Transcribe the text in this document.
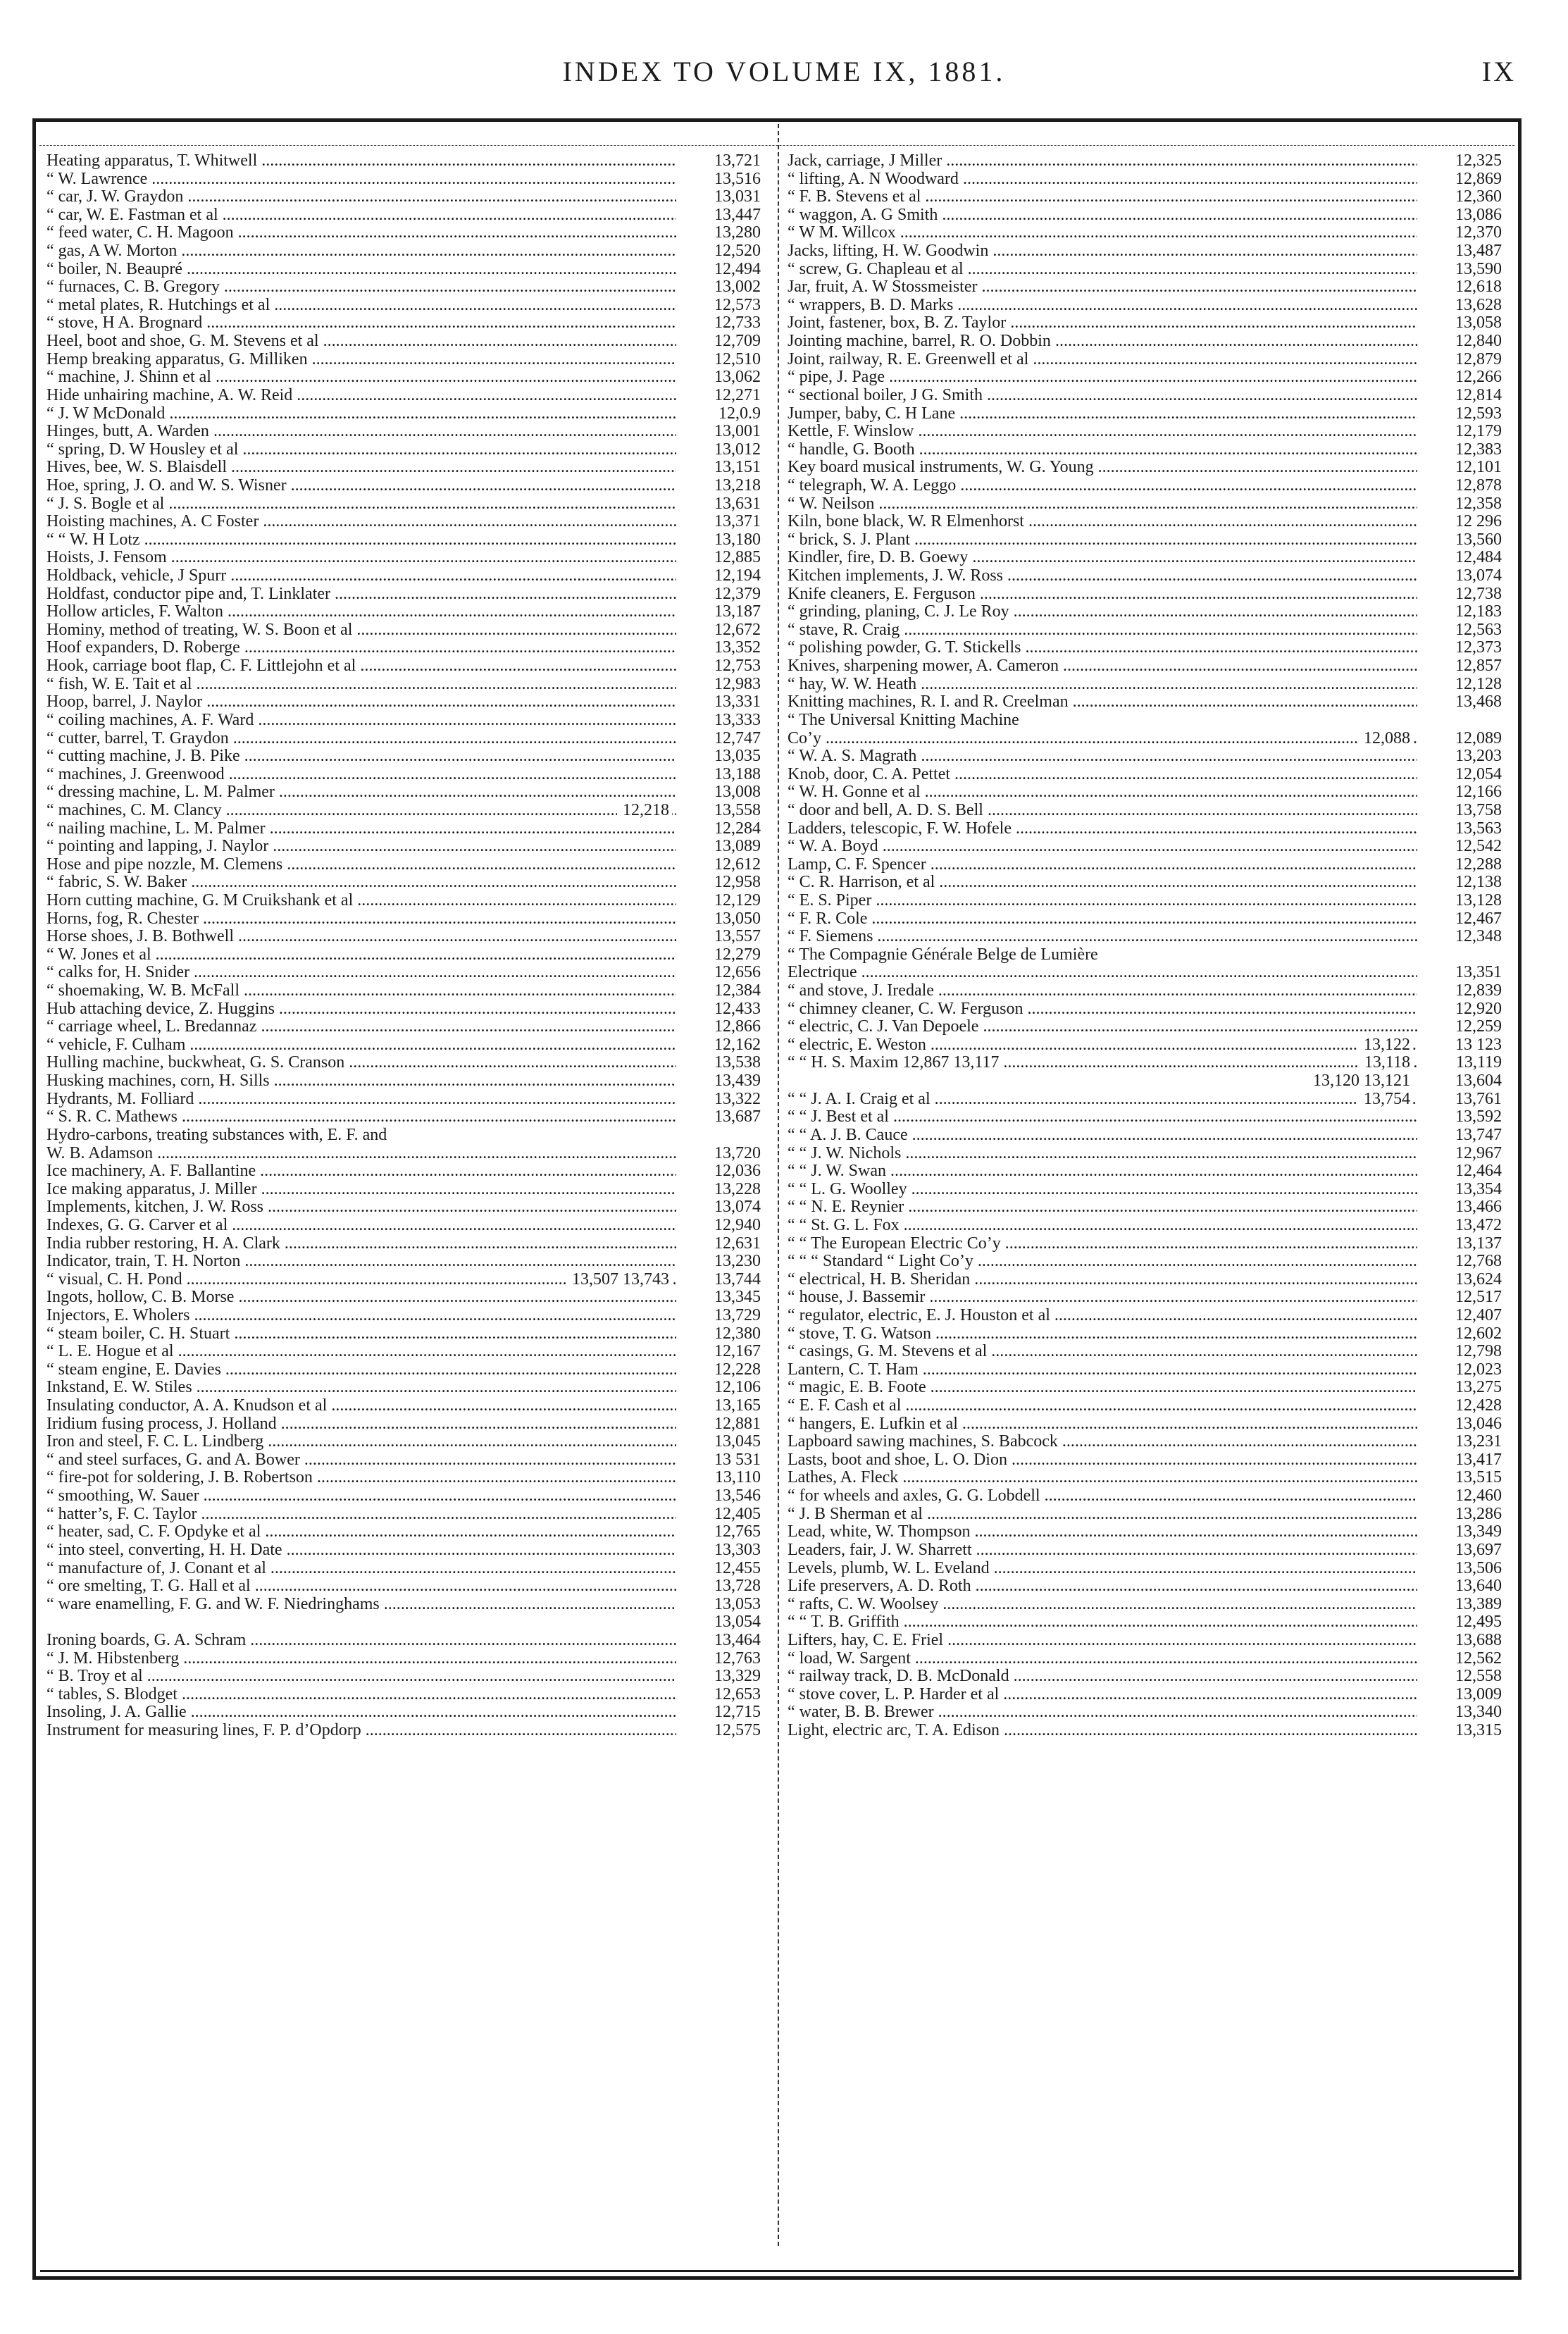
INDEX TO VOLUME IX, 1881.	IX
Heating apparatus, T. Whitwell .....	13,721
“ W. Lawrence .....	13,516
“ car, J. W. Graydon .....	13,031
“ car, W. E. Fastman et al .....	13,447
“ feed water, C. H. Magoon .....	13,280
“ gas, A W. Morton .....	12,520
“ boiler, N. Beaupré .....	12,494
“ furnaces, C. B. Gregory .....	13,002
“ metal plates, R. Hutchings et al .....	12,573
“ stove, H A. Brognard .....	12,733
Heel, boot and shoe, G. M. Stevens et al .....	12,709
Hemp breaking apparatus, G. Milliken .....	12,510
“ machine, J. Shinn et al .....	13,062
Hide unhairing machine, A. W. Reid .....	12,271
“ J. W McDonald .....	12,0.9
Hinges, butt, A. Warden .....	13,001
“ spring, D. W Housley et al .....	13,012
Hives, bee, W. S. Blaisdell .....	13,151
Hoe, spring, J. O. and W. S. Wisner .....	13,218
“ J. S. Bogle et al .....	13,631
Hoisting machines, A. C Foster .....	13,371
“ “ W. H Lotz .....	13,180
Hoists, J. Fensom .....	12,885
Holdback, vehicle, J Spurr .....	12,194
Holdfast, conductor pipe and, T. Linklater .....	12,379
Hollow articles, F. Walton .....	13,187
Hominy, method of treating, W. S. Boon et al .....	12,672
Hoof expanders, D. Roberge .....	13,352
Hook, carriage boot flap, C. F. Littlejohn et al .....	12,753
“ fish, W. E. Tait et al .....	12,983
Hoop, barrel, J. Naylor .....	13,331
“ coiling machines, A. F. Ward .....	13,333
“ cutter, barrel, T. Graydon .....	12,747
“ cutting machine, J. B. Pike .....	13,035
“ machines, J. Greenwood .....	13,188
“ dressing machine, L. M. Palmer .....	13,008
“ machines, C. M. Clancy .....	12,218	13,558
“ nailing machine, L. M. Palmer .....	12,284
“ pointing and lapping, J. Naylor .....	13,089
Hose and pipe nozzle, M. Clemens .....	12,612
“ fabric, S. W. Baker .....	12,958
Horn cutting machine, G. M Cruikshank et al .....	12,129
Horns, fog, R. Chester .....	13,050
Horse shoes, J. B. Bothwell .....	13,557
“ W. Jones et al .....	12,279
“ calks for, H. Snider .....	12,656
“ shoemaking, W. B. McFall .....	12,384
Hub attaching device, Z. Huggins .....	12,433
“ carriage wheel, L. Bredannaz .....	12,866
“ vehicle, F. Culham .....	12,162
Hulling machine, buckwheat, G. S. Cranson .....	13,538
Husking machines, corn, H. Sills .....	13,439
Hydrants, M. Folliard .....	13,322
“ S. R. C. Mathews .....	13,687
Hydro-carbons, treating substances with, E. F. and
W. B. Adamson .....	13,720
Ice machinery, A. F. Ballantine .....	12,036
Ice making apparatus, J. Miller .....	13,228
Implements, kitchen, J. W. Ross .....	13,074
Indexes, G. G. Carver et al .....	12,940
India rubber restoring, H. A. Clark .....	12,631
Indicator, train, T. H. Norton .....	13,230
“ visual, C. H. Pond .....	13,507 13,743	13,744
Ingots, hollow, C. B. Morse .....	13,345
Injectors, E. Wholers .....	13,729
“ steam boiler, C. H. Stuart .....	12,380
“ L. E. Hogue et al .....	12,167
“ steam engine, E. Davies .....	12,228
Inkstand, E. W. Stiles .....	12,106
Insulating conductor, A. A. Knudson et al .....	13,165
Iridium fusing process, J. Holland .....	12,881
Iron and steel, F. C. L. Lindberg .....	13,045
“ and steel surfaces, G. and A. Bower .....	13 531
“ fire-pot for soldering, J. B. Robertson .....	13,110
“ smoothing, W. Sauer .....	13,546
“ hatter’s, F. C. Taylor .....	12,405
“ heater, sad, C. F. Opdyke et al .....	12,765
“ into steel, converting, H. H. Date .....	13,303
“ manufacture of, J. Conant et al .....	12,455
“ ore smelting, T. G. Hall et al .....	13,728
“ ware enamelling, F. G. and W. F. Niedringhams .....	13,053
13,054
Ironing boards, G. A. Schram .....	13,464
“ J. M. Hibstenberg .....	12,763
“ B. Troy et al .....	13,329
“ tables, S. Blodget .....	12,653
Insoling, J. A. Gallie .....	12,715
Instrument for measuring lines, F. P. d’Opdorp .....	12,575
Jack, carriage, J Miller .....	12,325
“ lifting, A. N Woodward .....	12,869
“ F. B. Stevens et al .....	12,360
“ waggon, A. G Smith .....	13,086
“ W M. Willcox .....	12,370
Jacks, lifting, H. W. Goodwin .....	13,487
“ screw, G. Chapleau et al .....	13,590
Jar, fruit, A. W Stossmeister .....	12,618
“ wrappers, B. D. Marks .....	13,628
Joint, fastener, box, B. Z. Taylor .....	13,058
Jointing machine, barrel, R. O. Dobbin .....	12,840
Joint, railway, R. E. Greenwell et al .....	12,879
“ pipe, J. Page .....	12,266
“ sectional boiler, J G. Smith .....	12,814
Jumper, baby, C. H Lane .....	12,593
Kettle, F. Winslow .....	12,179
“ handle, G. Booth .....	12,383
Key board musical instruments, W. G. Young .....	12,101
“ telegraph, W. A. Leggo .....	12,878
“ W. Neilson .....	12,358
Kiln, bone black, W. R Elmenhorst .....	12 296
“ brick, S. J. Plant .....	13,560
Kindler, fire, D. B. Goewy .....	12,484
Kitchen implements, J. W. Ross .....	13,074
Knife cleaners, E. Ferguson .....	12,738
“ grinding, planing, C. J. Le Roy .....	12,183
“ stave, R. Craig .....	12,563
“ polishing powder, G. T. Stickells .....	12,373
Knives, sharpening mower, A. Cameron .....	12,857
“ hay, W. W. Heath .....	12,128
Knitting machines, R. I. and R. Creelman .....	13,468
“ The Universal Knitting Machine
Co’y .....	12,088	12,089
“ W. A. S. Magrath .....	13,203
Knob, door, C. A. Pettet .....	12,054
“ W. H. Gonne et al .....	12,166
“ door and bell, A. D. S. Bell .....	13,758
Ladders, telescopic, F. W. Hofele .....	13,563
“ W. A. Boyd .....	12,542
Lamp, C. F. Spencer .....	12,288
“ C. R. Harrison, et al .....	12,138
“ E. S. Piper .....	13,128
“ F. R. Cole .....	12,467
“ F. Siemens .....	12,348
“ The Compagnie Générale Belge de Lumière
Electrique .....	13,351
“ and stove, J. Iredale .....	12,839
“ chimney cleaner, C. W. Ferguson .....	12,920
“ electric, C. J. Van Depoele .....	12,259
“ electric, E. Weston .....	13,122	13 123
“ “ H. S. Maxim 12,867 13,117 .....	13,118	13,119
13,120 13,121	13,604
“ “ J. A. I. Craig et al .....	13,754	13,761
“ “ J. Best et al .....	13,592
“ “ A. J. B. Cauce .....	13,747
“ “ J. W. Nichols .....	12,967
“ “ J. W. Swan .....	12,464
“ “ L. G. Woolley .....	13,354
“ “ N. E. Reynier .....	13,466
“ “ St. G. L. Fox .....	13,472
“ “ The European Electric Co’y .....	13,137
“ “ “ Standard “ Light Co’y .....	12,768
“ electrical, H. B. Sheridan .....	13,624
“ house, J. Bassemir .....	12,517
“ regulator, electric, E. J. Houston et al .....	12,407
“ stove, T. G. Watson .....	12,602
“ casings, G. M. Stevens et al .....	12,798
Lantern, C. T. Ham .....	12,023
“ magic, E. B. Foote .....	13,275
“ E. F. Cash et al .....	12,428
“ hangers, E. Lufkin et al .....	13,046
Lapboard sawing machines, S. Babcock .....	13,231
Lasts, boot and shoe, L. O. Dion .....	13,417
Lathes, A. Fleck .....	13,515
“ for wheels and axles, G. G. Lobdell .....	12,460
“ J. B Sherman et al .....	13,286
Lead, white, W. Thompson .....	13,349
Leaders, fair, J. W. Sharrett .....	13,697
Levels, plumb, W. L. Eveland .....	13,506
Life preservers, A. D. Roth .....	13,640
“ rafts, C. W. Woolsey .....	13,389
“ “ T. B. Griffith .....	12,495
Lifters, hay, C. E. Friel .....	13,688
“ load, W. Sargent .....	12,562
“ railway track, D. B. McDonald .....	12,558
“ stove cover, L. P. Harder et al .....	13,009
“ water, B. B. Brewer .....	13,340
Light, electric arc, T. A. Edison .....	13,315
